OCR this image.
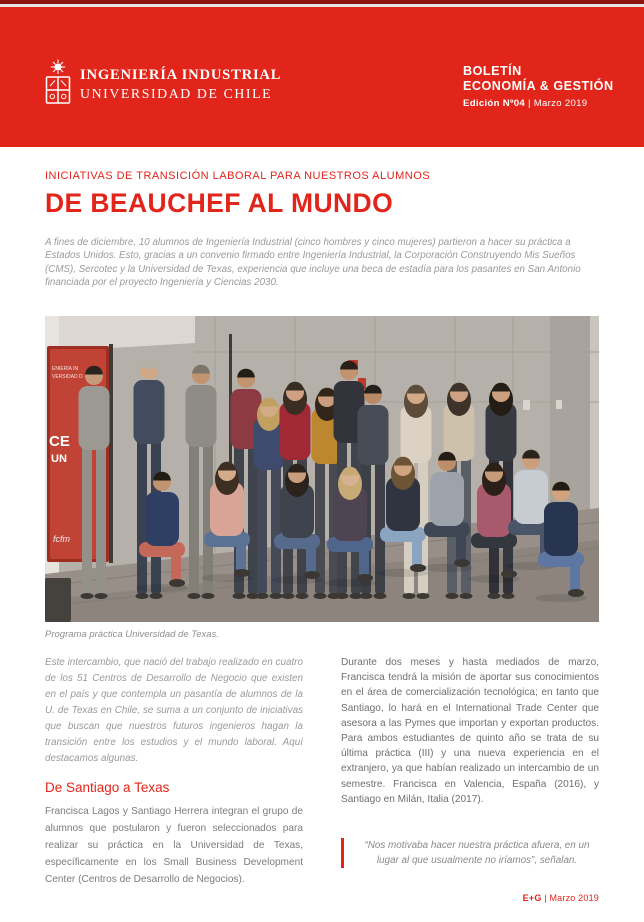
INGENIERÍA INDUSTRIAL
UNIVERSIDAD DE CHILE
BOLETÍN
ECONOMÍA & GESTIÓN
Edición Nº04 | Marzo 2019
INICIATIVAS DE TRANSICIÓN LABORAL PARA NUESTROS ALUMNOS
DE BEAUCHEF AL MUNDO

A fines de diciembre, 10 alumnos de Ingeniería Industrial (cinco hombres y cinco mujeres) partieron a hacer su práctica a Estados Unidos. Esto, gracias a un convenio firmado entre Ingeniería Industrial, la Corporación Construyendo Mis Sueños (CMS), Sercotec y la Universidad de Texas, experiencia que incluye una beca de estadía para los pasantes en San Antonio financiada por el proyecto Ingeniería y Ciencias 2030.

ENIERÍA IN
VERSIDAD D
CE
UN
fcfm
Programa práctica Universidad de Texas.

Este intercambio, que nació del trabajo realizado en cuatro de los 51 Centros de Desarrollo de Negocio que existen en el país y que contempla un pasantía de alumnos de la U. de Texas en Chile, se suma a un conjunto de iniciativas que buscan que nuestros futuros ingenieros hagan la transición entre los estudios y el mundo laboral. Aquí destacamos algunas.

De Santiago a Texas

Francisca Lagos y Santiago Herrera integran el grupo de alumnos que postularon y fueron seleccionados para realizar su práctica en la Universidad de Texas, específicamente en los Small Business Development Center (Centros de Desarrollo de Negocios).

Durante dos meses y hasta mediados de marzo, Francisca tendrá la misión de aportar sus conocimientos en el área de comercialización tecnológica; en tanto que Santiago, lo hará en el International Trade Center que asesora a las Pymes que importan y exportan productos. Para ambos estudiantes de quinto año se trata de su última práctica (III) y una nueva experiencia en el extranjero, ya que habían realizado un intercambio de un semestre. Francisca en Valencia, España (2016), y Santiago en Milán, Italia (2017).

“Nos motivaba hacer nuestra práctica afuera, en un lugar al que usualmente no iríamos”, señalan.
E+G | Marzo 2019
